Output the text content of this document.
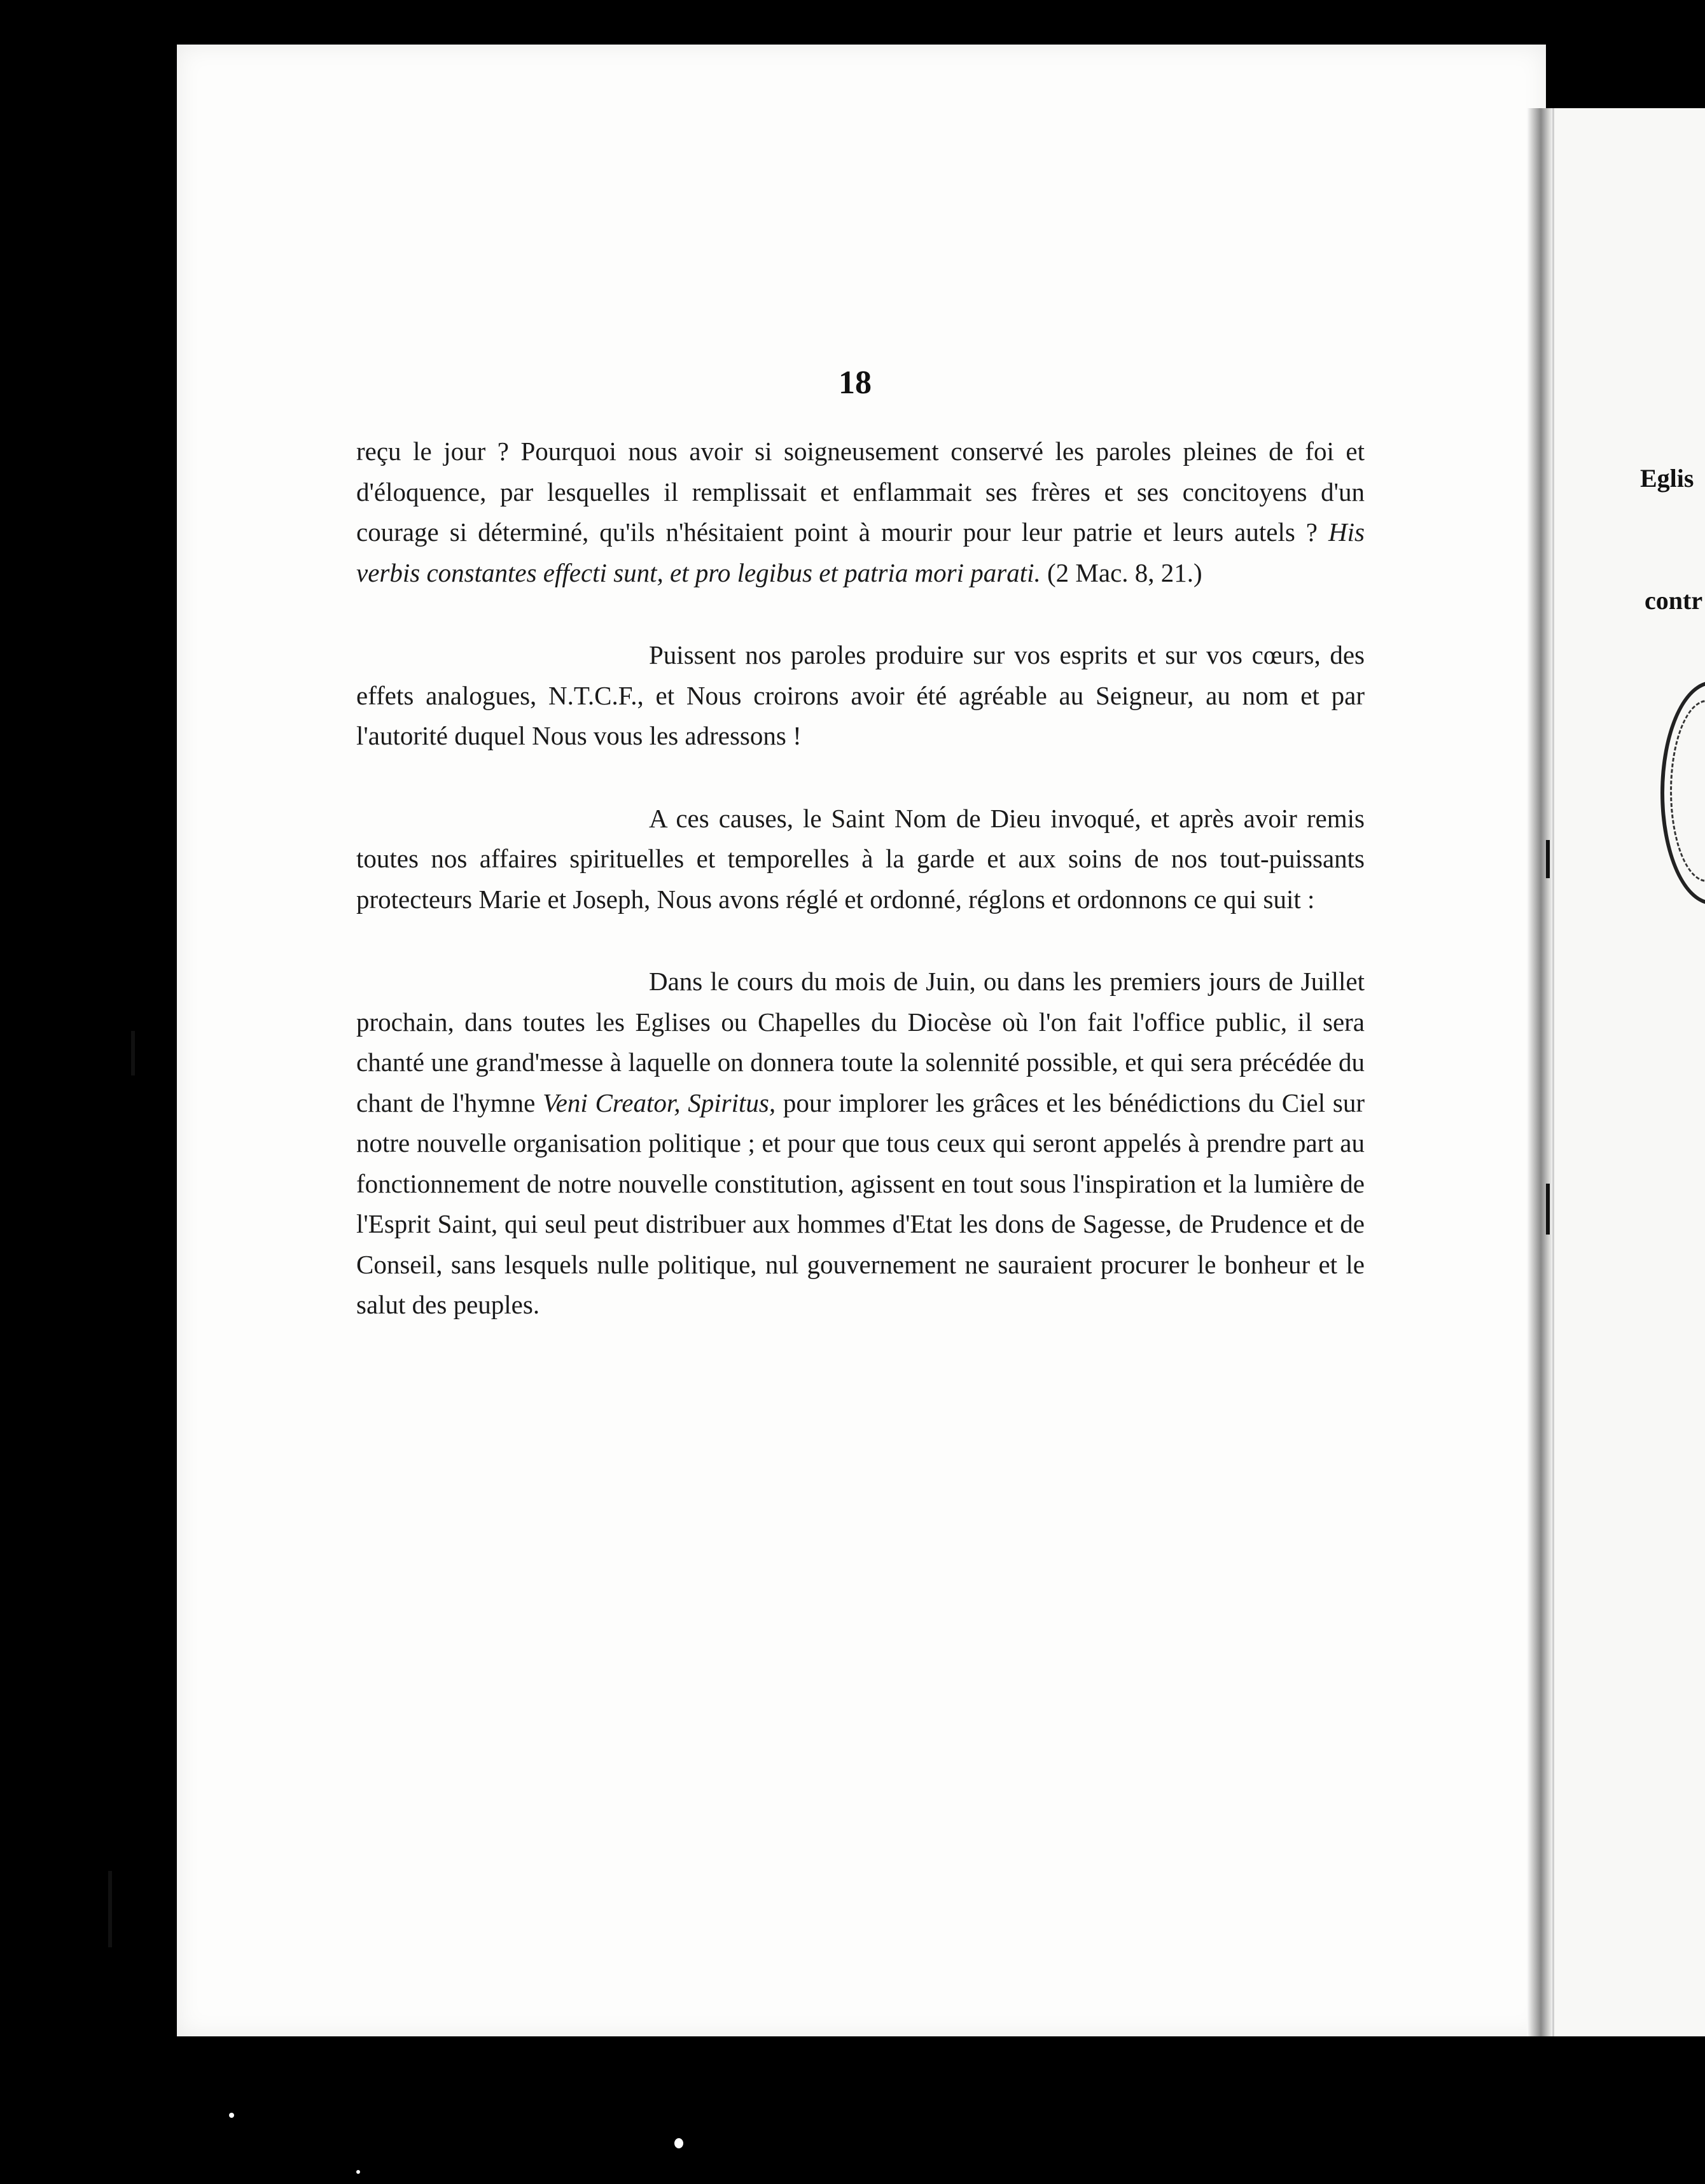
18

reçu le jour ? Pourquoi nous avoir si soigneusement conservé les paroles pleines de foi et d'éloquence, par lesquelles il remplissait et enflammait ses frères et ses concitoyens d'un courage si déterminé, qu'ils n'hésitaient point à mourir pour leur patrie et leurs autels ? His verbis constantes effecti sunt, et pro legibus et patria mori parati. (2 Mac. 8, 21.)

Puissent nos paroles produire sur vos esprits et sur vos cœurs, des effets analogues, N.T.C.F., et Nous croirons avoir été agréable au Seigneur, au nom et par l'autorité duquel Nous vous les adressons !

A ces causes, le Saint Nom de Dieu invoqué, et après avoir remis toutes nos affaires spirituelles et temporelles à la garde et aux soins de nos tout-puissants protecteurs Marie et Joseph, Nous avons réglé et ordonné, réglons et ordonnons ce qui suit :

Dans le cours du mois de Juin, ou dans les premiers jours de Juillet prochain, dans toutes les Eglises ou Chapelles du Diocèse où l'on fait l'office public, il sera chanté une grand'messe à laquelle on donnera toute la solennité possible, et qui sera précédée du chant de l'hymne Veni Creator, Spiritus, pour implorer les grâces et les bénédictions du Ciel sur notre nouvelle organisation politique ; et pour que tous ceux qui seront appelés à prendre part au fonctionnement de notre nouvelle constitution, agissent en tout sous l'inspiration et la lumière de l'Esprit Saint, qui seul peut distribuer aux hommes d'Etat les dons de Sagesse, de Prudence et de Conseil, sans lesquels nulle politique, nul gouvernement ne sauraient procurer le bonheur et le salut des peuples.

Eglis
contr
